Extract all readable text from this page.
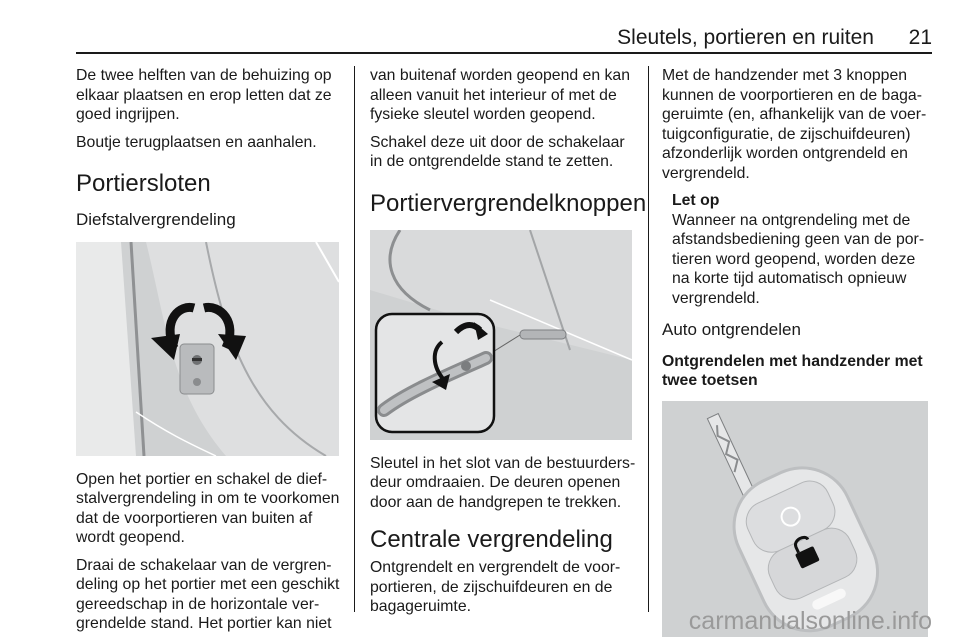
Sleutels, portieren en ruiten 21

De twee helften van de behuizing op elkaar plaatsen en erop letten dat ze goed ingrijpen.

Boutje terugplaatsen en aanhalen.

Portiersloten
Diefstalvergrendeling

Open het portier en schakel de diefstalvergrendeling in om te voorkomen dat de voorportieren van buiten af wordt geopend.

Draai de schakelaar van de vergrendeling op het portier met een geschikt gereedschap in de horizontale vergrendelde stand. Het portier kan niet

van buitenaf worden geopend en kan alleen vanuit het interieur of met de fysieke sleutel worden geopend.

Schakel deze uit door de schakelaar in de ontgrendelde stand te zetten.

Portiervergrendelknoppen

Sleutel in het slot van de bestuurdersdeur omdraaien. De deuren openen door aan de handgrepen te trekken.

Centrale vergrendeling

Ontgrendelt en vergrendelt de voorportieren, de zijschuifdeuren en de bagageruimte.

Met de handzender met 3 knoppen kunnen de voorportieren en de bagageruimte (en, afhankelijk van de voertuigconfiguratie, de zijschuifdeuren) afzonderlijk worden ontgrendeld en vergrendeld.

Let op
Wanneer na ontgrendeling met de afstandsbediening geen van de portieren word geopend, worden deze na korte tijd automatisch opnieuw vergrendeld.
Auto ontgrendelen
Ontgrendelen met handzender met twee toetsen
carmanualsonline.info
